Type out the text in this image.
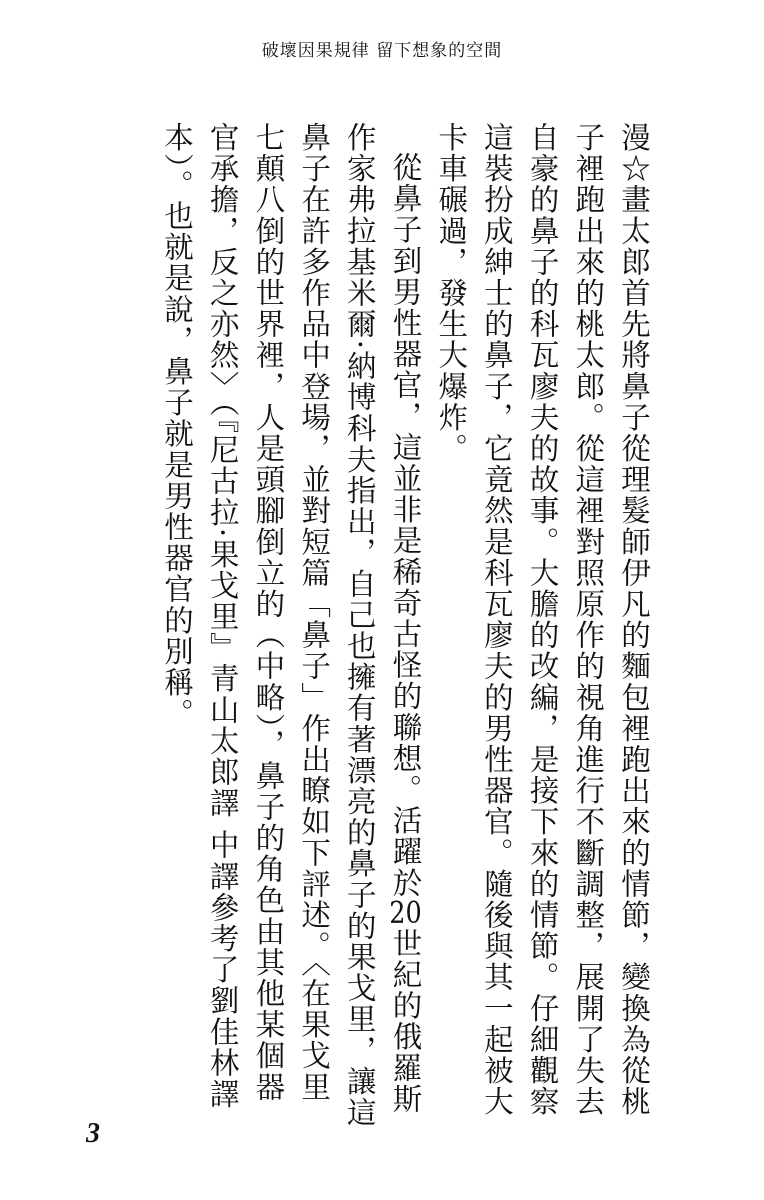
破壞因果規律 留下想象的空間

漫☆畫太郎首先將鼻子從理髮師伊凡的麵包裡跑出來的情節，變換為從桃子裡跑出來的桃太郎。從這裡對照原作的視角進行不斷調整，展開了失去自豪的鼻子的科瓦廖夫的故事。大膽的改編，是接下來的情節。仔細觀察這裝扮成紳士的鼻子，它竟然是科瓦廖夫的男性器官。隨後與其一起被大卡車碾過，發生大爆炸。

從鼻子到男性器官，這並非是稀奇古怪的聯想。活躍於20世紀的俄羅斯作家弗拉基米爾·納博科夫指出，自己也擁有著漂亮的鼻子的果戈里，讓這鼻子在許多作品中登場，並對短篇「鼻子」作出瞭如下評述。〈在果戈里七顛八倒的世界裡，人是頭腳倒立的（中略），鼻子的角色由其他某個器官承擔，反之亦然〉（『尼古拉·果戈里』青山太郎譯 中譯參考了劉佳林譯本）。也就是說，鼻子就是男性器官的別稱。

3
